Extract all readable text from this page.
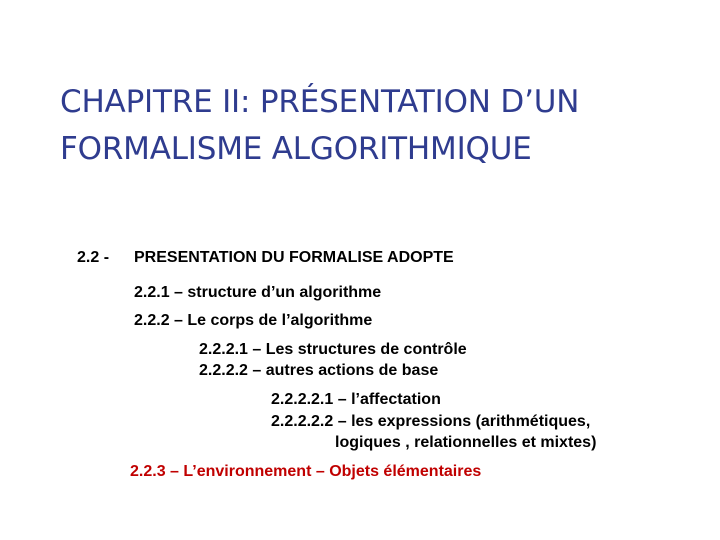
CHAPITRE II: PRÉSENTATION D’UN
FORMALISME ALGORITHMIQUE

2.2 - PRESENTATION DU FORMALISE ADOPTE

2.2.1 – structure d’un algorithme

2.2.2 – Le corps de l’algorithme

2.2.2.1 – Les structures de contrôle

2.2.2.2 – autres actions de base

2.2.2.2.1 – l’affectation

2.2.2.2.2 – les expressions (arithmétiques,

logiques , relationnelles et mixtes)

2.2.3 – L’environnement – Objets élémentaires
